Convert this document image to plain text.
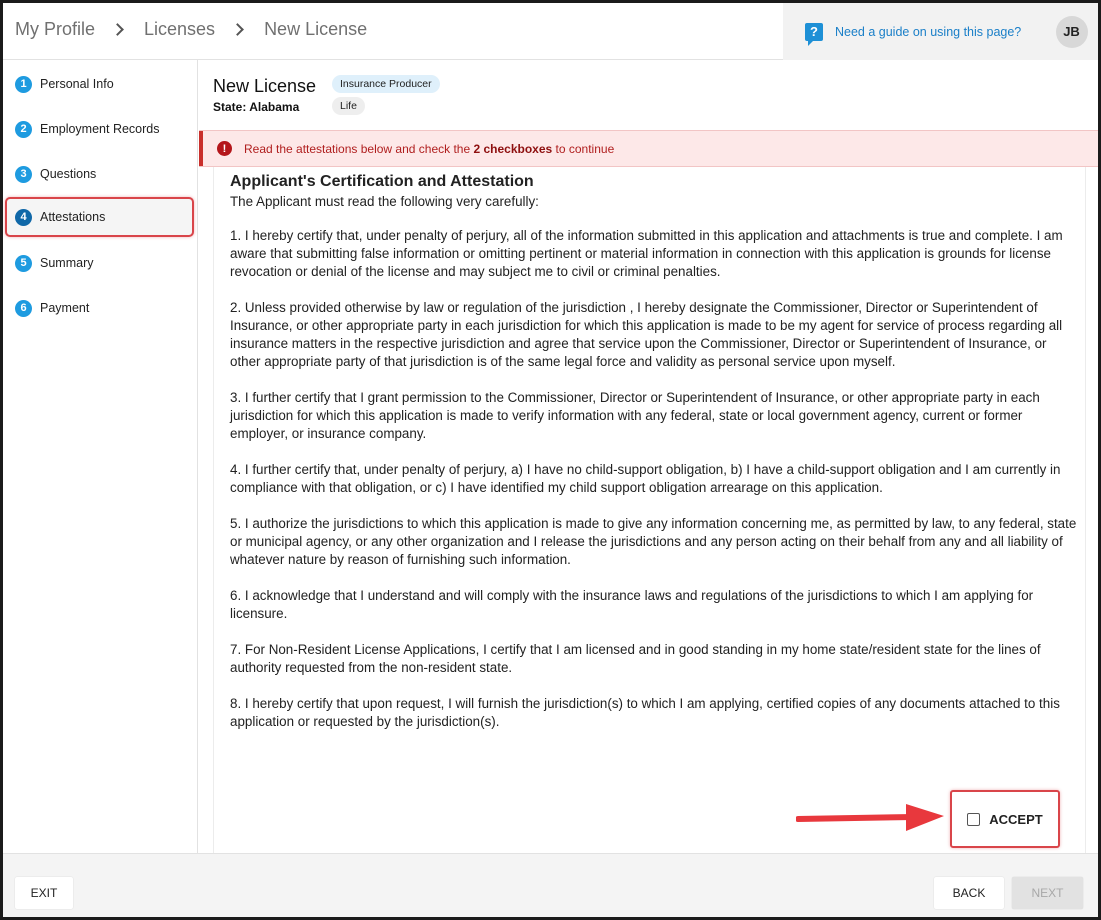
My Profile	Licenses	New License	?	Need a guide on using this page?	JB
1	Personal Info
2	Employment Records
3	Questions
4	Attestations
5	Summary
6	Payment
New License
State: Alabama
Insurance Producer
Life
!	Read the attestations below and check the 2 checkboxes to continue
Applicant's Certification and Attestation
The Applicant must read the following very carefully:

1. I hereby certify that, under penalty of perjury, all of the information submitted in this application and attachments is true and complete. I am aware that submitting false information or omitting pertinent or material information in connection with this application is grounds for license revocation or denial of the license and may subject me to civil or criminal penalties.

2. Unless provided otherwise by law or regulation of the jurisdiction , I hereby designate the Commissioner, Director or Superintendent of Insurance, or other appropriate party in each jurisdiction for which this application is made to be my agent for service of process regarding all insurance matters in the respective jurisdiction and agree that service upon the Commissioner, Director or Superintendent of Insurance, or other appropriate party of that jurisdiction is of the same legal force and validity as personal service upon myself.

3. I further certify that I grant permission to the Commissioner, Director or Superintendent of Insurance, or other appropriate party in each jurisdiction for which this application is made to verify information with any federal, state or local government agency, current or former employer, or insurance company.

4. I further certify that, under penalty of perjury, a) I have no child-support obligation, b) I have a child-support obligation and I am currently in compliance with that obligation, or c) I have identified my child support obligation arrearage on this application.

5. I authorize the jurisdictions to which this application is made to give any information concerning me, as permitted by law, to any federal, state or municipal agency, or any other organization and I release the jurisdictions and any person acting on their behalf from any and all liability of whatever nature by reason of furnishing such information.

6. I acknowledge that I understand and will comply with the insurance laws and regulations of the jurisdictions to which I am applying for licensure.

7. For Non-Resident License Applications, I certify that I am licensed and in good standing in my home state/resident state for the lines of authority requested from the non-resident state.

8. I hereby certify that upon request, I will furnish the jurisdiction(s) to which I am applying, certified copies of any documents attached to this application or requested by the jurisdiction(s).

ACCEPT
EXIT	BACK	NEXT
